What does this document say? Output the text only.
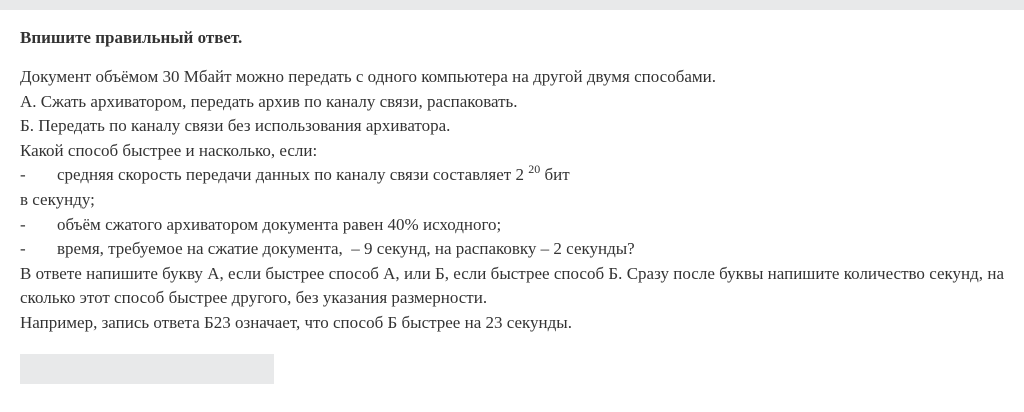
Впишите правильный ответ.

Документ объёмом 30 Мбайт можно передать с одного компьютера на другой двумя способами.

А. Сжать архиватором, передать архив по каналу связи, распаковать.

Б. Передать по каналу связи без использования архиватора.

Какой способ быстрее и насколько, если:

-	средняя скорость передачи данных по каналу связи составляет 2 $^{20}$ бит

в секунду;

-	объём сжатого архиватором документа равен 40% исходного;
-	время, требуемое на сжатие документа,  – 9 секунд, на распаковку – 2 секунды?

В ответе напишите букву А, если быстрее способ А, или Б, если быстрее способ Б. Сразу после буквы напишите количество секунд, на сколько этот способ быстрее другого, без указания размерности.

Например, запись ответа Б23 означает, что способ Б быстрее на 23 секунды.
